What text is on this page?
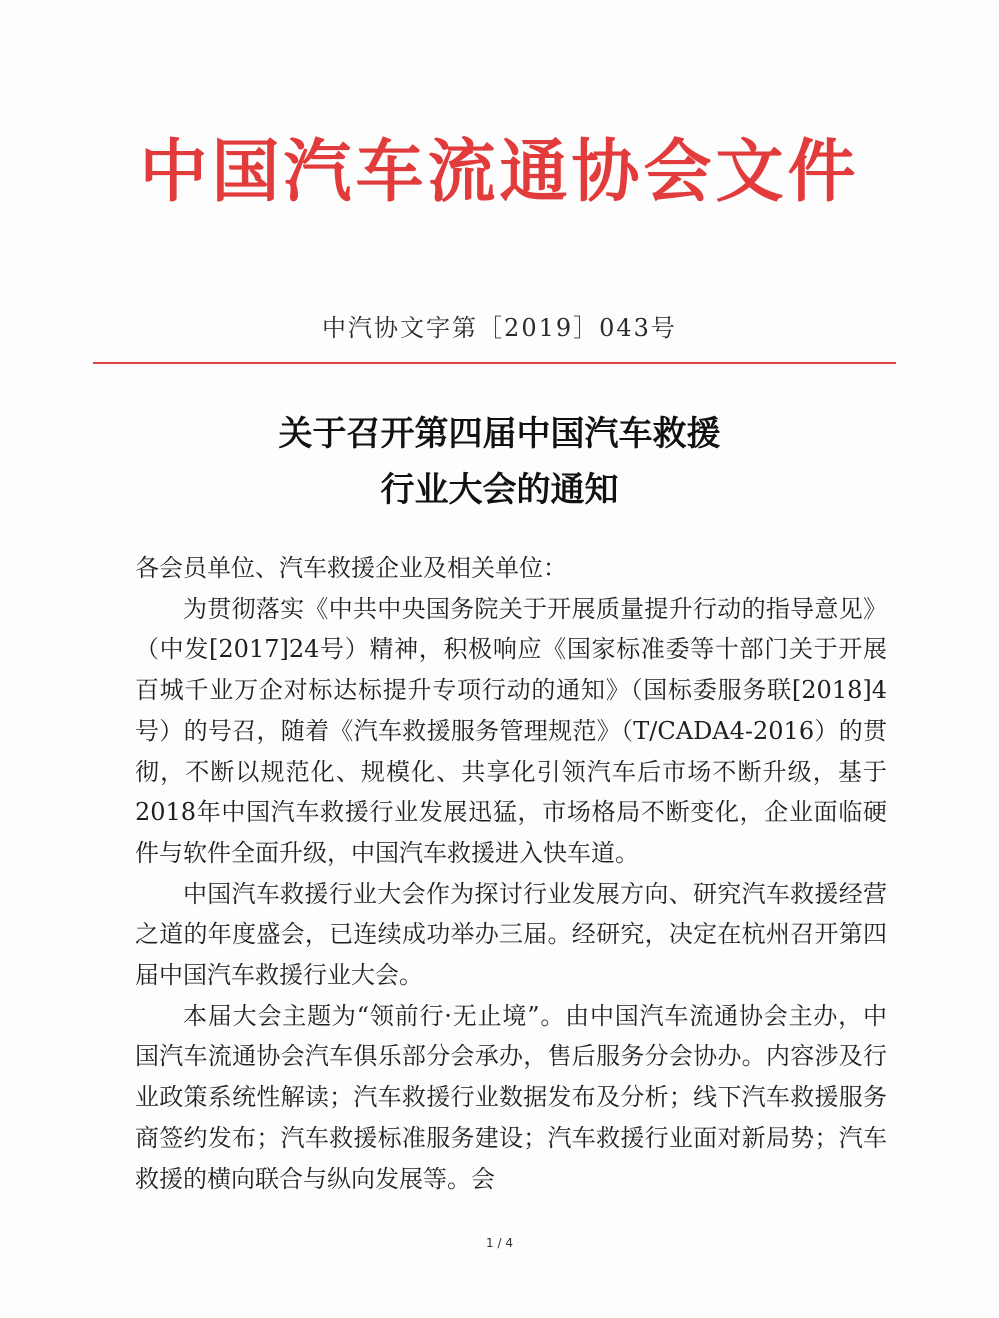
中国汽车流通协会文件
中汽协文字第［2019］043号
关于召开第四届中国汽车救援
行业大会的通知

各会员单位、汽车救援企业及相关单位：

为贯彻落实《中共中央国务院关于开展质量提升行动的指导意见》（中发[2017]24号）精神，积极响应《国家标准委等十部门关于开展百城千业万企对标达标提升专项行动的通知》（国标委服务联[2018]4号）的号召，随着《汽车救援服务管理规范》（T/CADA4-2016）的贯彻，不断以规范化、规模化、共享化引领汽车后市场不断升级，基于2018年中国汽车救援行业发展迅猛，市场格局不断变化，企业面临硬件与软件全面升级，中国汽车救援进入快车道。

中国汽车救援行业大会作为探讨行业发展方向、研究汽车救援经营之道的年度盛会，已连续成功举办三届。经研究，决定在杭州召开第四届中国汽车救援行业大会。

本届大会主题为“领前行·无止境”。由中国汽车流通协会主办，中国汽车流通协会汽车俱乐部分会承办，售后服务分会协办。内容涉及行业政策系统性解读；汽车救援行业数据发布及分析；线下汽车救援服务商签约发布；汽车救援标准服务建设；汽车救援行业面对新局势；汽车救援的横向联合与纵向发展等。会

1 / 4
